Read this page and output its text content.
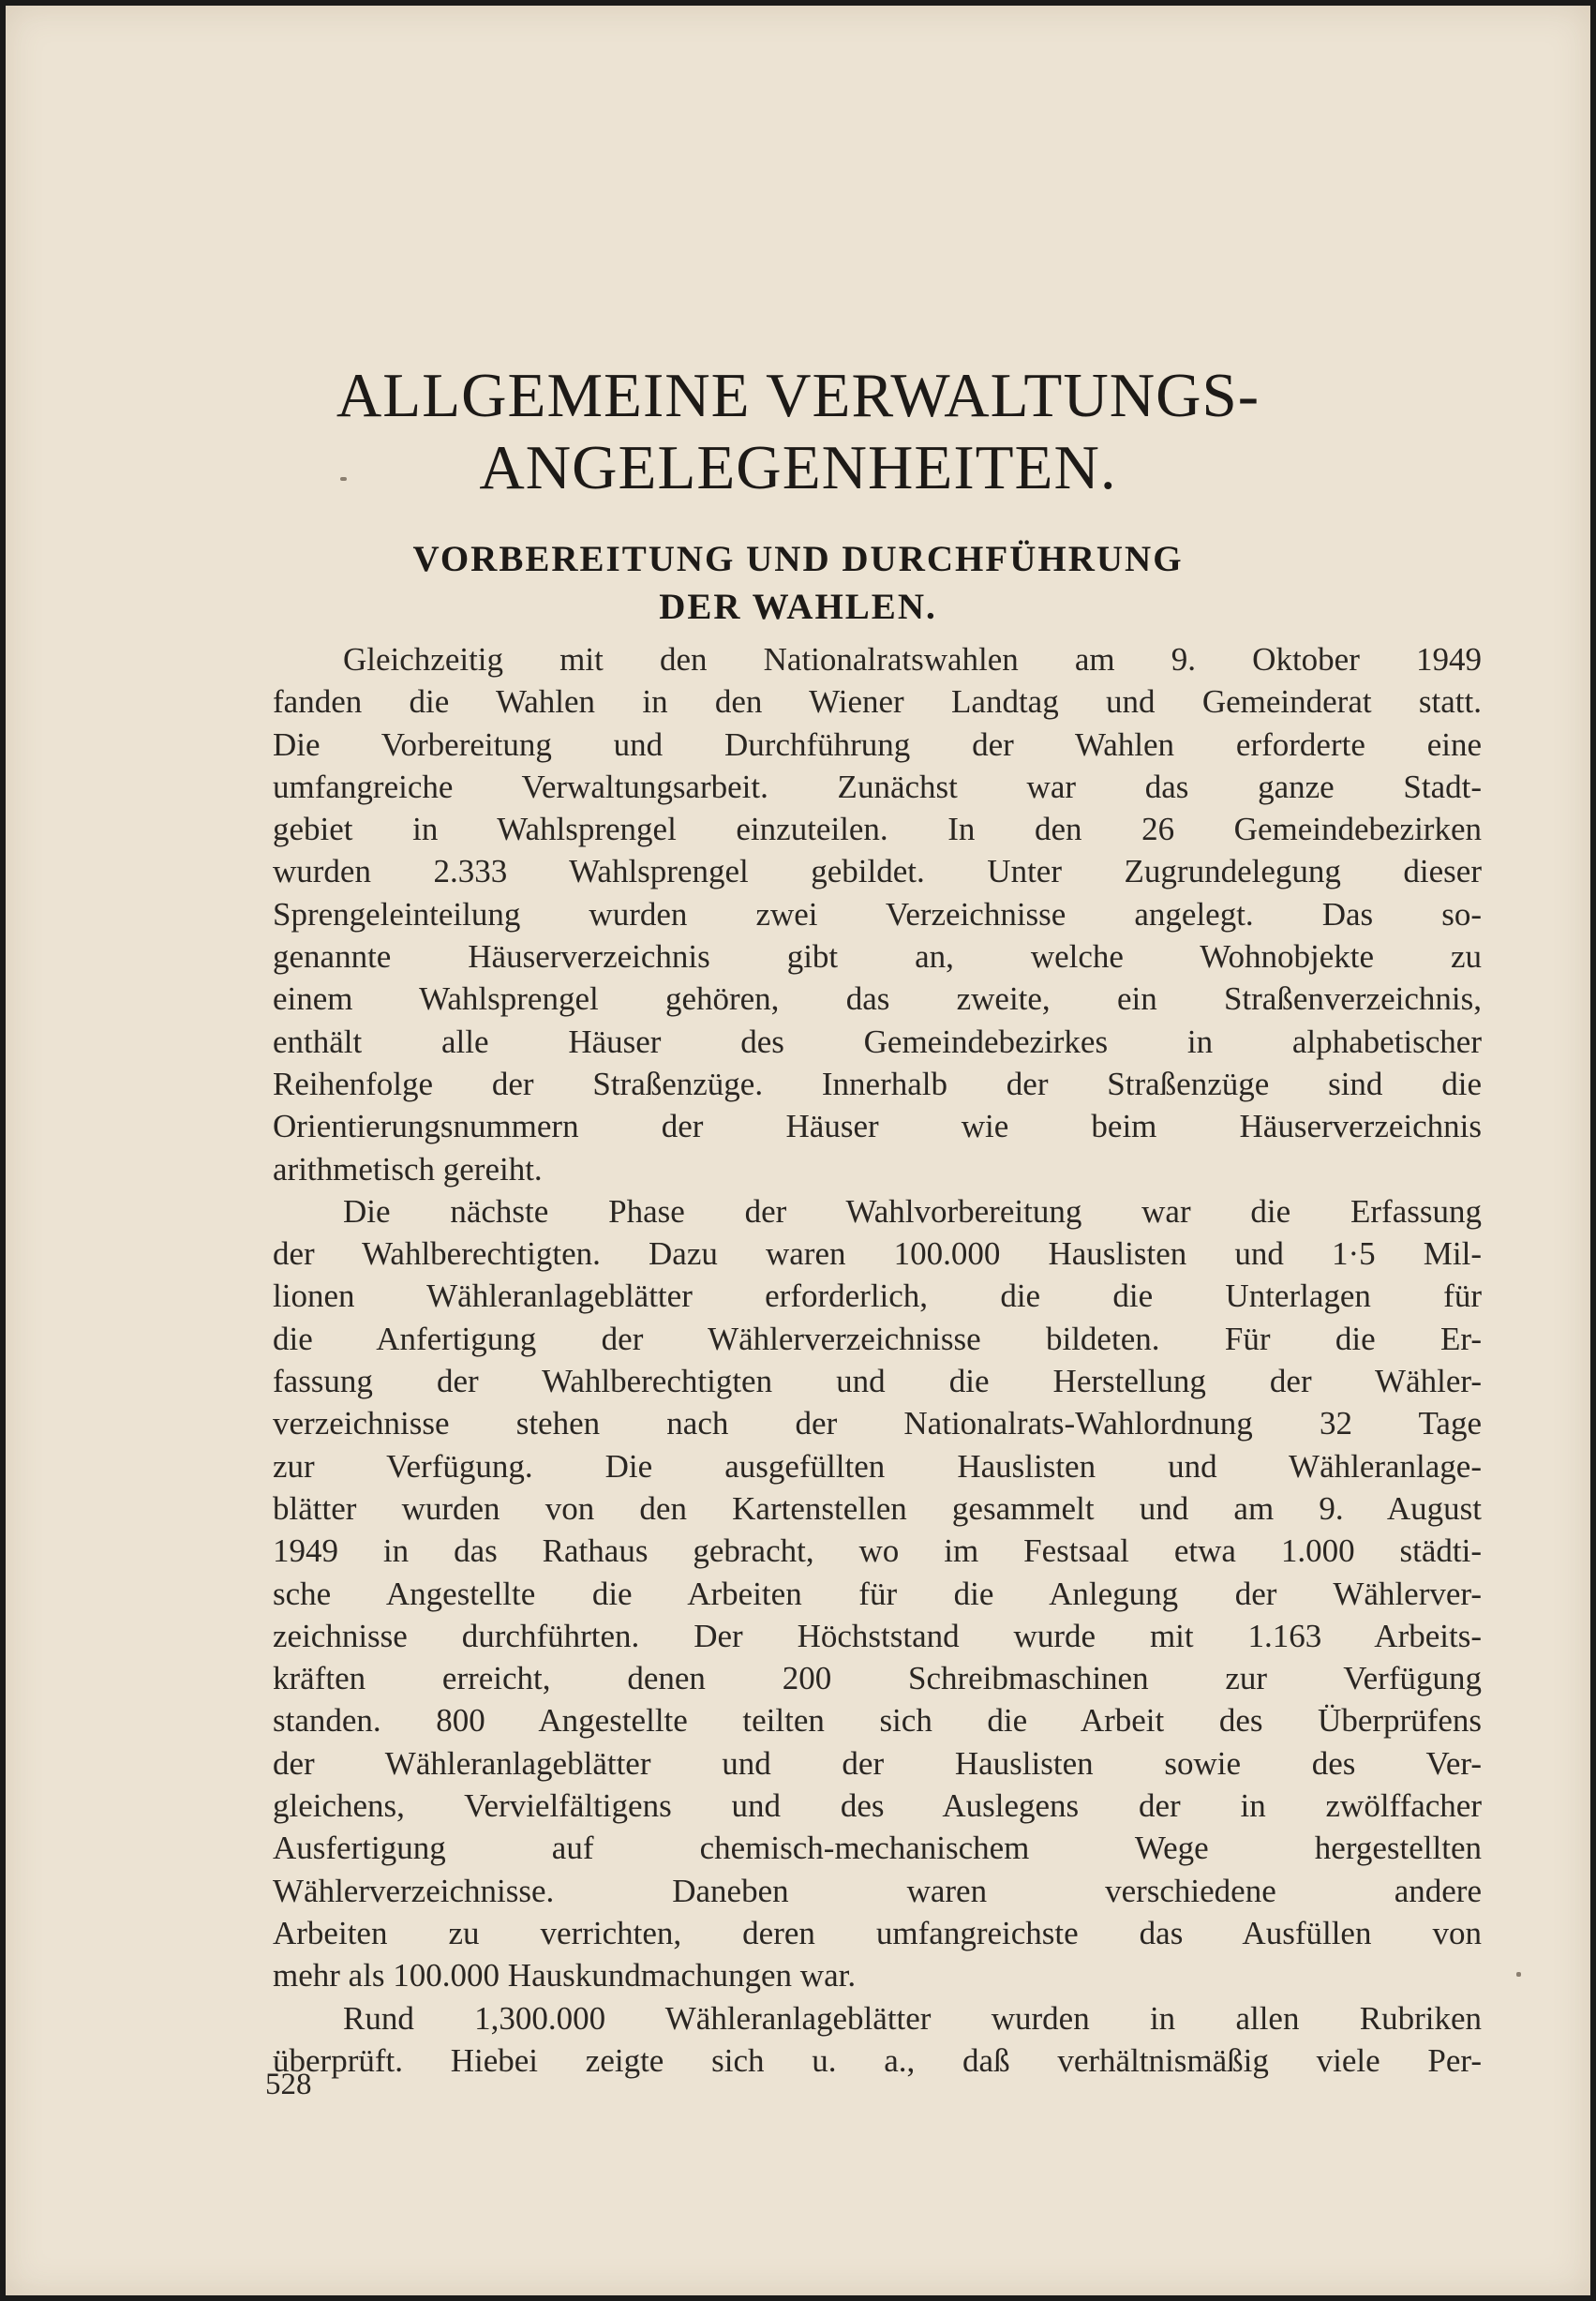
ALLGEMEINE VERWALTUNGS-
ANGELEGENHEITEN.
VORBEREITUNG UND DURCHFÜHRUNG
DER WAHLEN.
Gleichzeitig mit den Nationalratswahlen am 9. Oktober 1949
fanden die Wahlen in den Wiener Landtag und Gemeinderat statt.
Die Vorbereitung und Durchführung der Wahlen erforderte eine
umfangreiche Verwaltungsarbeit. Zunächst war das ganze Stadt-
gebiet in Wahlsprengel einzuteilen. In den 26 Gemeindebezirken
wurden 2.333 Wahlsprengel gebildet. Unter Zugrundelegung dieser
Sprengeleinteilung wurden zwei Verzeichnisse angelegt. Das so-
genannte Häuserverzeichnis gibt an, welche Wohnobjekte zu
einem Wahlsprengel gehören, das zweite, ein Straßenverzeichnis,
enthält alle Häuser des Gemeindebezirkes in alphabetischer
Reihenfolge der Straßenzüge. Innerhalb der Straßenzüge sind die
Orientierungsnummern der Häuser wie beim Häuserverzeichnis
arithmetisch gereiht.
Die nächste Phase der Wahlvorbereitung war die Erfassung
der Wahlberechtigten. Dazu waren 100.000 Hauslisten und 1·5 Mil-
lionen Wähleranlageblätter erforderlich, die die Unterlagen für
die Anfertigung der Wählerverzeichnisse bildeten. Für die Er-
fassung der Wahlberechtigten und die Herstellung der Wähler-
verzeichnisse stehen nach der Nationalrats-Wahlordnung 32 Tage
zur Verfügung. Die ausgefüllten Hauslisten und Wähleranlage-
blätter wurden von den Kartenstellen gesammelt und am 9. August
1949 in das Rathaus gebracht, wo im Festsaal etwa 1.000 städti-
sche Angestellte die Arbeiten für die Anlegung der Wählerver-
zeichnisse durchführten. Der Höchststand wurde mit 1.163 Arbeits-
kräften erreicht, denen 200 Schreibmaschinen zur Verfügung
standen. 800 Angestellte teilten sich die Arbeit des Überprüfens
der Wähleranlageblätter und der Hauslisten sowie des Ver-
gleichens, Vervielfältigens und des Auslegens der in zwölffacher
Ausfertigung auf chemisch-mechanischem Wege hergestellten
Wählerverzeichnisse. Daneben waren verschiedene andere
Arbeiten zu verrichten, deren umfangreichste das Ausfüllen von
mehr als 100.000 Hauskundmachungen war.
Rund 1,300.000 Wähleranlageblätter wurden in allen Rubriken
überprüft. Hiebei zeigte sich u. a., daß verhältnismäßig viele Per-
528
